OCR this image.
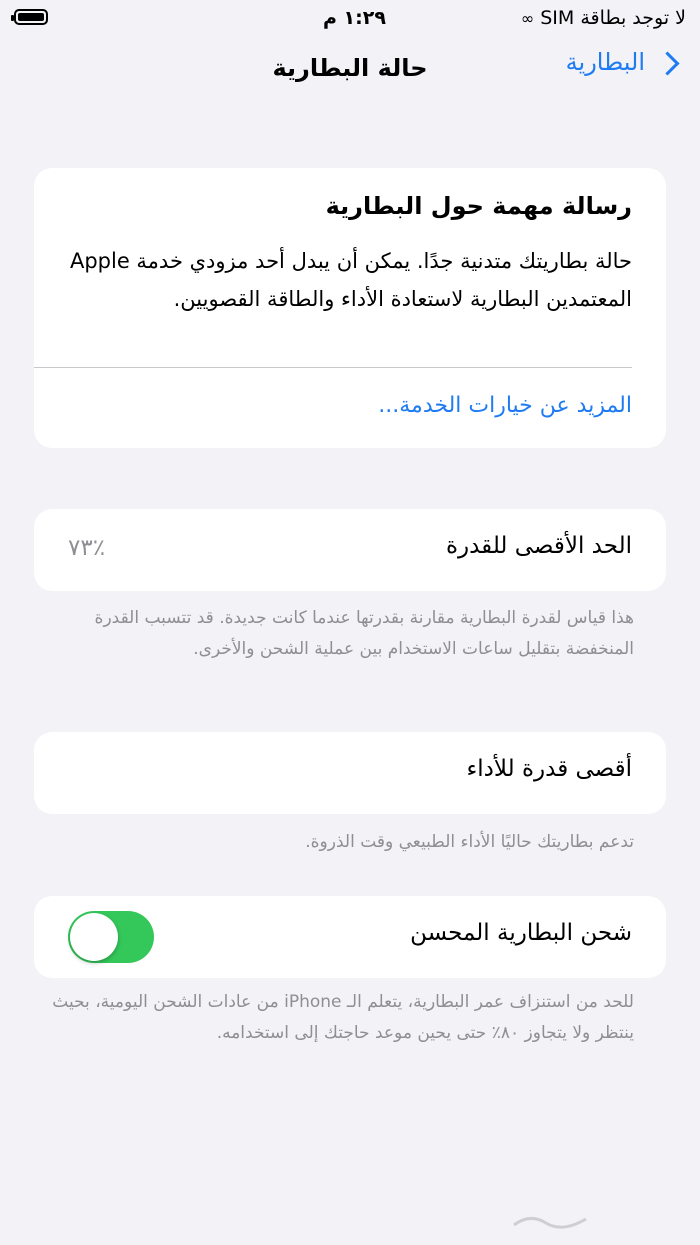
١:٢٩ م	لا توجد بطاقة SIM
∞
حالة البطارية	البطارية
رسالة مهمة حول البطارية
حالة بطاريتك متدنية جدًا. يمكن أن يبدل أحد مزودي خدمة Apple المعتمدين البطارية لاستعادة الأداء والطاقة القصويين.
المزيد عن خيارات الخدمة...
الحد الأقصى للقدرة
٪٧٣
هذا قياس لقدرة البطارية مقارنة بقدرتها عندما كانت جديدة. قد تتسبب القدرة المنخفضة بتقليل ساعات الاستخدام بين عملية الشحن والأخرى.
أقصى قدرة للأداء
تدعم بطاريتك حاليًا الأداء الطبيعي وقت الذروة.
شحن البطارية المحسن
للحد من استنزاف عمر البطارية، يتعلم الـ iPhone من عادات الشحن اليومية، بحيث ينتظر ولا يتجاوز ٨٠٪ حتى يحين موعد حاجتك إلى استخدامه.
